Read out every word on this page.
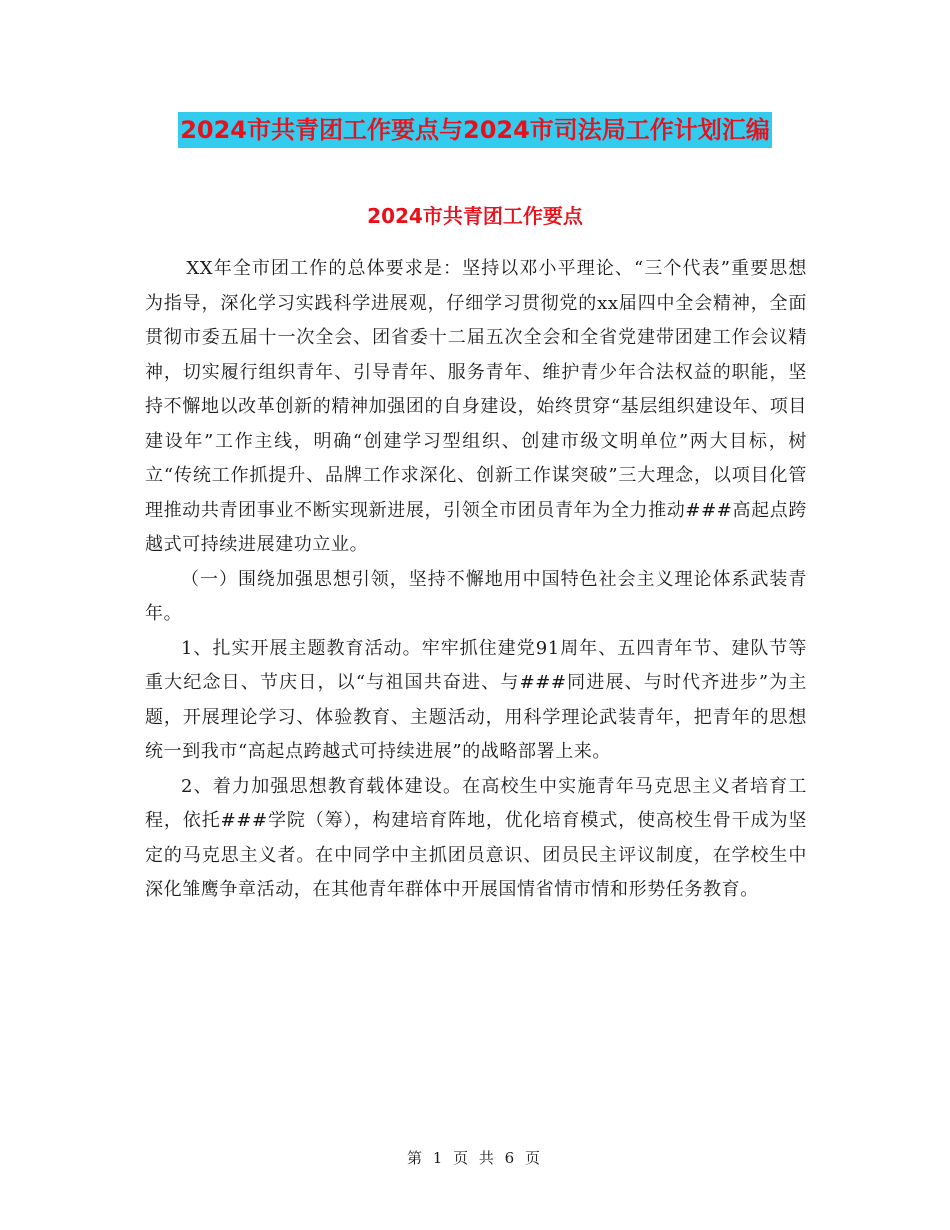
2024市共青团工作要点与2024市司法局工作计划汇编
2024市共青团工作要点

XX年全市团工作的总体要求是：坚持以邓小平理论、“三个代表”重要思想为指导，深化学习实践科学进展观，仔细学习贯彻党的xx届四中全会精神，全面贯彻市委五届十一次全会、团省委十二届五次全会和全省党建带团建工作会议精神，切实履行组织青年、引导青年、服务青年、维护青少年合法权益的职能，坚持不懈地以改革创新的精神加强团的自身建设，始终贯穿“基层组织建设年、项目建设年”工作主线，明确“创建学习型组织、创建市级文明单位”两大目标，树立“传统工作抓提升、品牌工作求深化、创新工作谋突破”三大理念，以项目化管理推动共青团事业不断实现新进展，引领全市团员青年为全力推动###高起点跨越式可持续进展建功立业。

（一）围绕加强思想引领，坚持不懈地用中国特色社会主义理论体系武装青年。

1、扎实开展主题教育活动。牢牢抓住建党91周年、五四青年节、建队节等重大纪念日、节庆日，以“与祖国共奋进、与###同进展、与时代齐进步”为主题，开展理论学习、体验教育、主题活动，用科学理论武装青年，把青年的思想统一到我市“高起点跨越式可持续进展”的战略部署上来。

2、着力加强思想教育载体建设。在高校生中实施青年马克思主义者培育工程，依托###学院（筹），构建培育阵地，优化培育模式，使高校生骨干成为坚定的马克思主义者。在中同学中主抓团员意识、团员民主评议制度，在学校生中深化雏鹰争章活动，在其他青年群体中开展国情省情市情和形势任务教育。

第 1 页 共 6 页
